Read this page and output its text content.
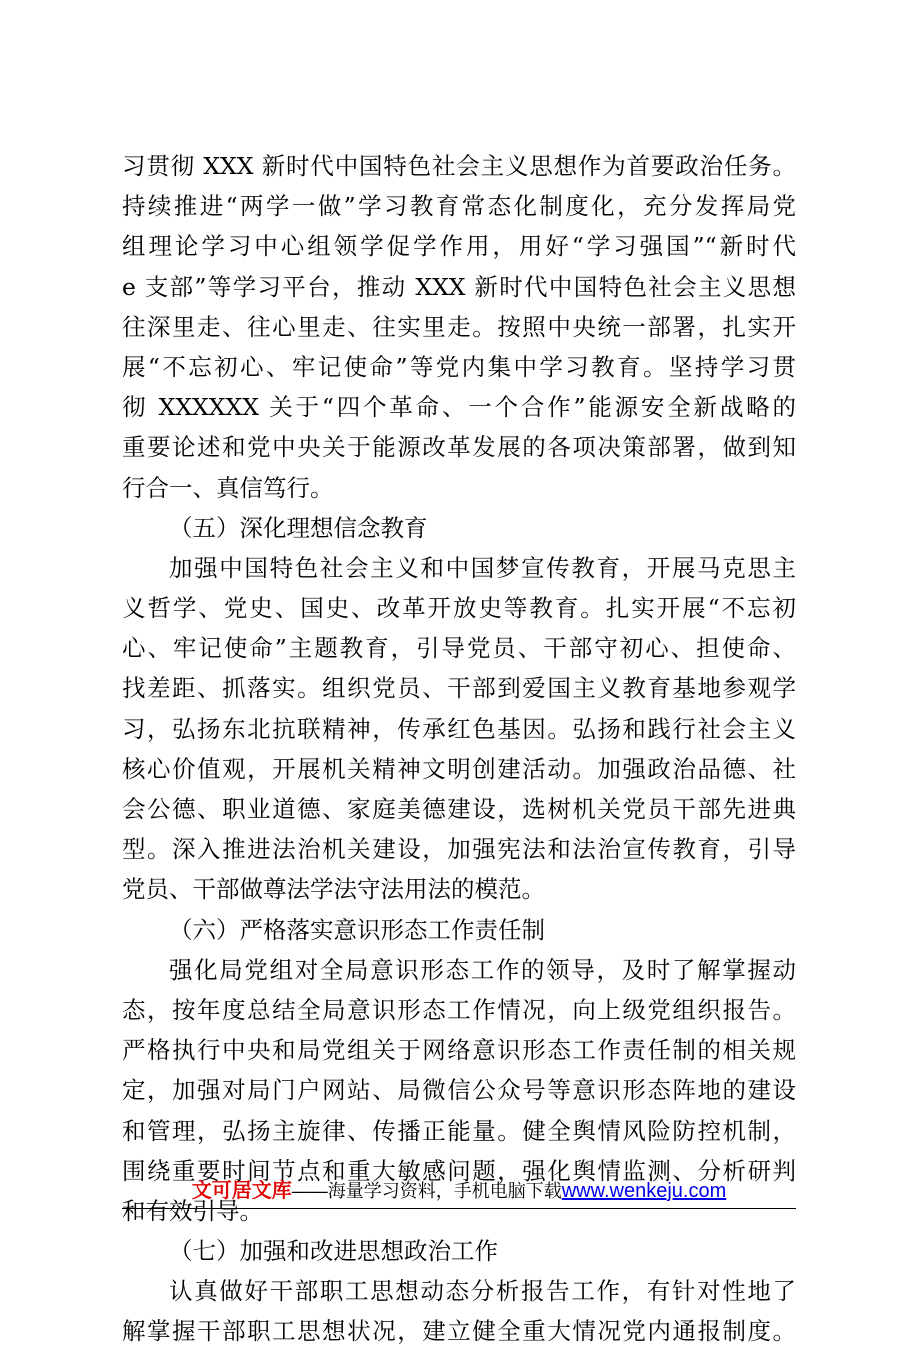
习贯彻 XXX 新时代中国特色社会主义思想作为首要政治任务。
持续推进“两学一做”学习教育常态化制度化，充分发挥局党
组理论学习中心组领学促学作用，用好“学习强国”“新时代
e 支部”等学习平台，推动 XXX 新时代中国特色社会主义思想
往深里走、往心里走、往实里走。按照中央统一部署，扎实开
展“不忘初心、牢记使命”等党内集中学习教育。坚持学习贯
彻 XXXXXX 关于“四个革命、一个合作”能源安全新战略的
重要论述和党中央关于能源改革发展的各项决策部署，做到知
行合一、真信笃行。
（五）深化理想信念教育
加强中国特色社会主义和中国梦宣传教育，开展马克思主
义哲学、党史、国史、改革开放史等教育。扎实开展“不忘初
心、牢记使命”主题教育，引导党员、干部守初心、担使命、
找差距、抓落实。组织党员、干部到爱国主义教育基地参观学
习，弘扬东北抗联精神，传承红色基因。弘扬和践行社会主义
核心价值观，开展机关精神文明创建活动。加强政治品德、社
会公德、职业道德、家庭美德建设，选树机关党员干部先进典
型。深入推进法治机关建设，加强宪法和法治宣传教育，引导
党员、干部做尊法学法守法用法的模范。
（六）严格落实意识形态工作责任制
强化局党组对全局意识形态工作的领导，及时了解掌握动
态，按年度总结全局意识形态工作情况，向上级党组织报告。
严格执行中央和局党组关于网络意识形态工作责任制的相关规
定，加强对局门户网站、局微信公众号等意识形态阵地的建设
和管理，弘扬主旋律、传播正能量。健全舆情风险防控机制，
围绕重要时间节点和重大敏感问题，强化舆情监测、分析研判
和有效引导。
（七）加强和改进思想政治工作
认真做好干部职工思想动态分析报告工作，有针对性地了
解掌握干部职工思想状况，建立健全重大情况党内通报制度。
文可居文库——海量学习资料，手机电脑下载www.wenkeju.com
